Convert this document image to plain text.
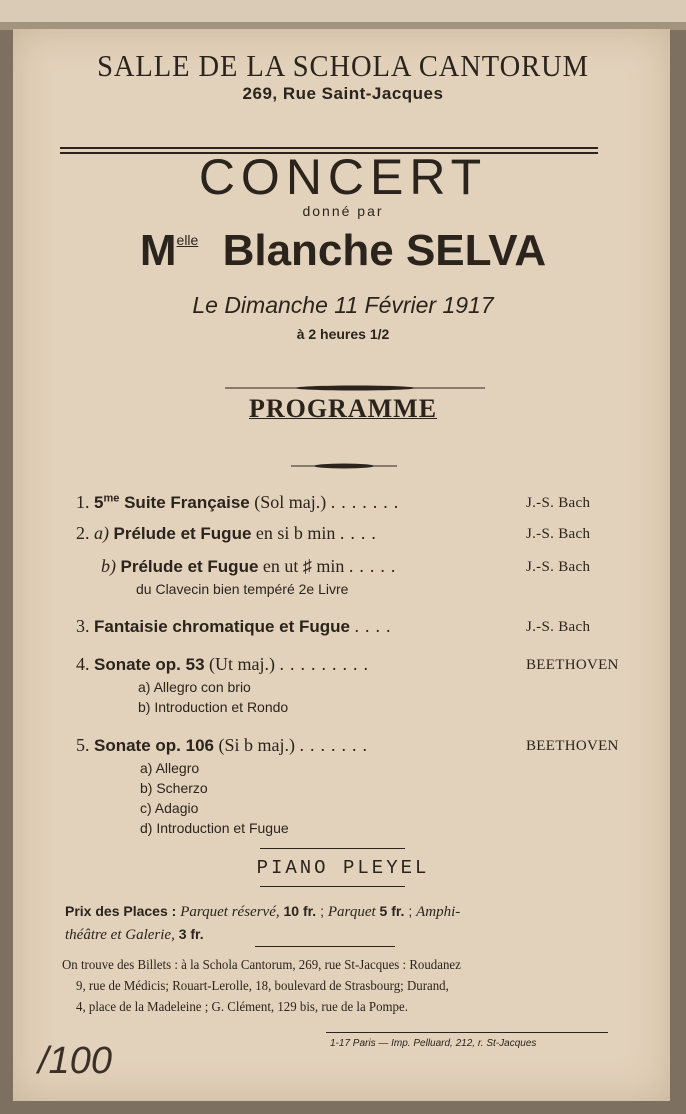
SALLE DE LA SCHOLA CANTORUM
269, Rue Saint-Jacques
CONCERT
donné par
$M^{elle}$ Blanche SELVA
Le Dimanche 11 Février 1917
à 2 heures 1/2
PROGRAMME
1. $5^{me}$ Suite Française (Sol maj.) .......	J.-S. Bach
2. a) Prélude et Fugue en si b min ....	J.-S. Bach
b) Prélude et Fugue en ut ♯ min .....	J.-S. Bach
du Clavecin bien tempéré 2e Livre
3. Fantaisie chromatique et Fugue ....	J.-S. Bach
4. Sonate op. 53 (Ut maj.) .........	BEETHOVEN
a) Allegro con brio
b) Introduction et Rondo
5. Sonate op. 106 (Si b maj.) .......	BEETHOVEN
a) Allegro
b) Scherzo
c) Adagio
d) Introduction et Fugue
PIANO PLEYEL
Prix des Places : Parquet réservé, 10 fr. ; Parquet 5 fr. ; Amphi-
théâtre et Galerie, 3 fr.
On trouve des Billets : à la Schola Cantorum, 269, rue St-Jacques : Roudanez
9, rue de Médicis; Rouart-Lerolle, 18, boulevard de Strasbourg; Durand,
4, place de la Madeleine ; G. Clément, 129 bis, rue de la Pompe.
1-17 Paris — Imp. Pelluard, 212, r. St-Jacques
/100
